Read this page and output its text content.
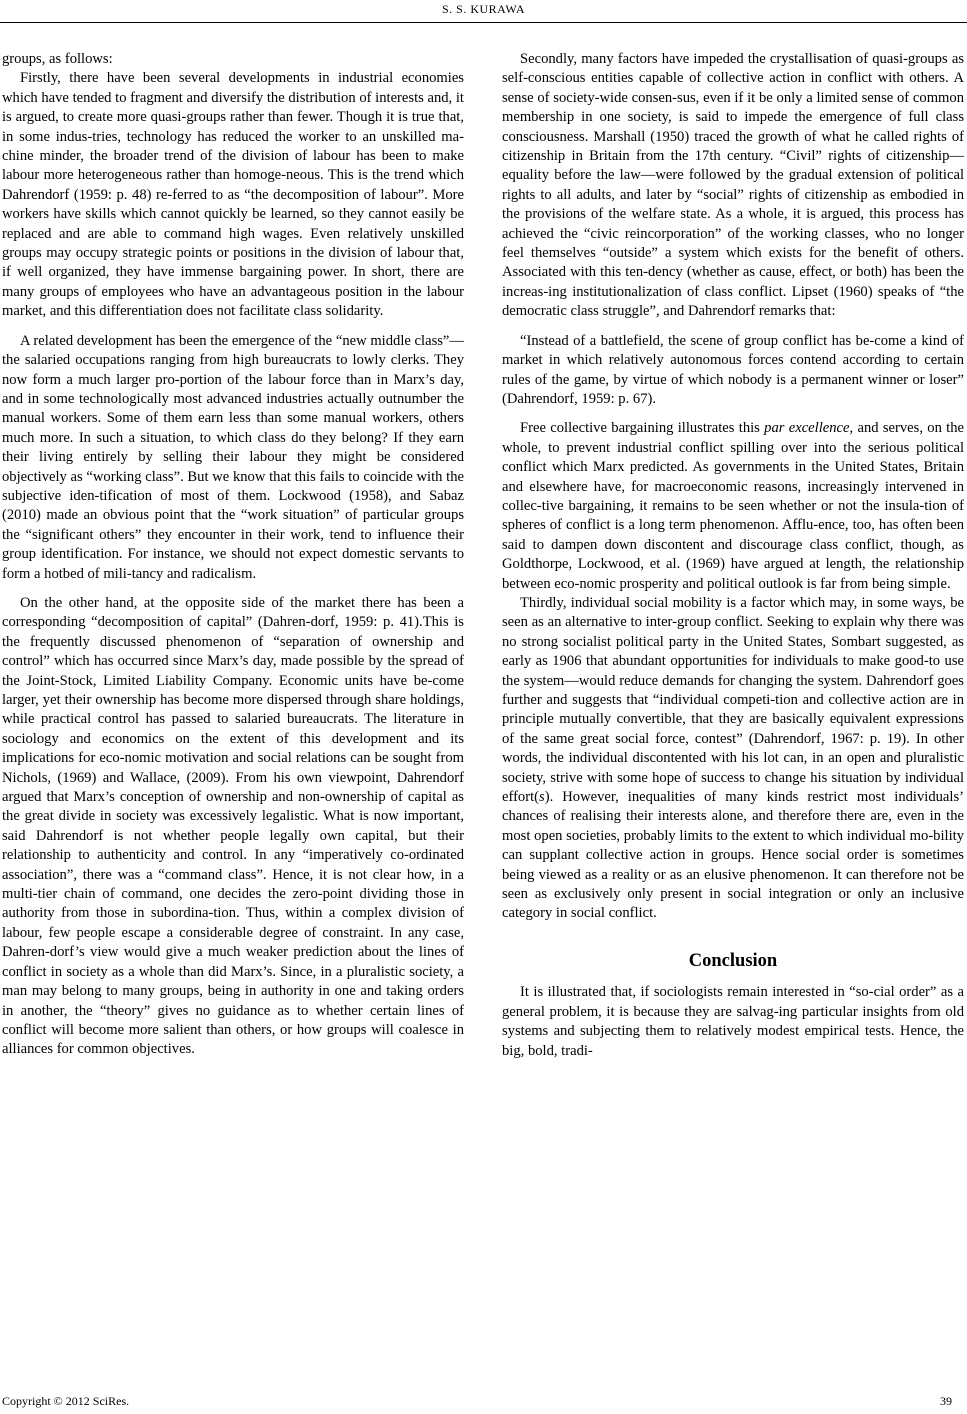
S. S. KURAWA

groups, as follows:

Firstly, there have been several developments in industrial economies which have tended to fragment and diversify the distribution of interests and, it is argued, to create more quasi-groups rather than fewer. Though it is true that, in some indus-tries, technology has reduced the worker to an unskilled ma-chine minder, the broader trend of the division of labour has been to make labour more heterogeneous rather than homoge-neous. This is the trend which Dahrendorf (1959: p. 48) re-ferred to as “the decomposition of labour”. More workers have skills which cannot quickly be learned, so they cannot easily be replaced and are able to command high wages. Even relatively unskilled groups may occupy strategic points or positions in the division of labour that, if well organized, they have immense bargaining power. In short, there are many groups of employees who have an advantageous position in the labour market, and this differentiation does not facilitate class solidarity.

A related development has been the emergence of the “new middle class”—the salaried occupations ranging from high bureaucrats to lowly clerks. They now form a much larger pro-portion of the labour force than in Marx’s day, and in some technologically most advanced industries actually outnumber the manual workers. Some of them earn less than some manual workers, others much more. In such a situation, to which class do they belong? If they earn their living entirely by selling their labour they might be considered objectively as “working class”. But we know that this fails to coincide with the subjective iden-tification of most of them. Lockwood (1958), and Sabaz (2010) made an obvious point that the “work situation” of particular groups the “significant others” they encounter in their work, tend to influence their group identification. For instance, we should not expect domestic servants to form a hotbed of mili-tancy and radicalism.

On the other hand, at the opposite side of the market there has been a corresponding “decomposition of capital” (Dahren-dorf, 1959: p. 41).This is the frequently discussed phenomenon of “separation of ownership and control” which has occurred since Marx’s day, made possible by the spread of the Joint-Stock, Limited Liability Company. Economic units have be-come larger, yet their ownership has become more dispersed through share holdings, while practical control has passed to salaried bureaucrats. The literature in sociology and economics on the extent of this development and its implications for eco-nomic motivation and social relations can be sought from Nichols, (1969) and Wallace, (2009). From his own viewpoint, Dahrendorf argued that Marx’s conception of ownership and non-ownership of capital as the great divide in society was excessively legalistic. What is now important, said Dahrendorf is not whether people legally own capital, but their relationship to authenticity and control. In any “imperatively co-ordinated association”, there was a “command class”. Hence, it is not clear how, in a multi-tier chain of command, one decides the zero-point dividing those in authority from those in subordina-tion. Thus, within a complex division of labour, few people escape a considerable degree of constraint. In any case, Dahren-dorf’s view would give a much weaker prediction about the lines of conflict in society as a whole than did Marx’s. Since, in a pluralistic society, a man may belong to many groups, being in authority in one and taking orders in another, the “theory” gives no guidance as to whether certain lines of conflict will become more salient than others, or how groups will coalesce in alliances for common objectives.

Secondly, many factors have impeded the crystallisation of quasi-groups as self-conscious entities capable of collective action in conflict with others. A sense of society-wide consen-sus, even if it be only a limited sense of common membership in one society, is said to impede the emergence of full class consciousness. Marshall (1950) traced the growth of what he called rights of citizenship in Britain from the 17th century. “Civil” rights of citizenship—equality before the law—were followed by the gradual extension of political rights to all adults, and later by “social” rights of citizenship as embodied in the provisions of the welfare state. As a whole, it is argued, this process has achieved the “civic reincorporation” of the working classes, who no longer feel themselves “outside” a system which exists for the benefit of others. Associated with this ten-dency (whether as cause, effect, or both) has been the increas-ing institutionalization of class conflict. Lipset (1960) speaks of “the democratic class struggle”, and Dahrendorf remarks that:

“Instead of a battlefield, the scene of group conflict has be-come a kind of market in which relatively autonomous forces contend according to certain rules of the game, by virtue of which nobody is a permanent winner or loser” (Dahrendorf, 1959: p. 67).

Free collective bargaining illustrates this par excellence, and serves, on the whole, to prevent industrial conflict spilling over into the serious political conflict which Marx predicted. As governments in the United States, Britain and elsewhere have, for macroeconomic reasons, increasingly intervened in collec-tive bargaining, it remains to be seen whether or not the insula-tion of spheres of conflict is a long term phenomenon. Afflu-ence, too, has often been said to dampen down discontent and discourage class conflict, though, as Goldthorpe, Lockwood, et al. (1969) have argued at length, the relationship between eco-nomic prosperity and political outlook is far from being simple.

Thirdly, individual social mobility is a factor which may, in some ways, be seen as an alternative to inter-group conflict. Seeking to explain why there was no strong socialist political party in the United States, Sombart suggested, as early as 1906 that abundant opportunities for individuals to make good-to use the system—would reduce demands for changing the system. Dahrendorf goes further and suggests that “individual competi-tion and collective action are in principle mutually convertible, that they are basically equivalent expressions of the same great social force, contest” (Dahrendorf, 1967: p. 19). In other words, the individual discontented with his lot can, in an open and pluralistic society, strive with some hope of success to change his situation by individual effort(s). However, inequalities of many kinds restrict most individuals’ chances of realising their interests alone, and therefore there are, even in the most open societies, probably limits to the extent to which individual mo-bility can supplant collective action in groups. Hence social order is sometimes being viewed as a reality or as an elusive phenomenon. It can therefore not be seen as exclusively only present in social integration or only an inclusive category in social conflict.

Conclusion

It is illustrated that, if sociologists remain interested in “so-cial order” as a general problem, it is because they are salvag-ing particular insights from old systems and subjecting them to relatively modest empirical tests. Hence, the big, bold, tradi-

Copyright © 2012 SciRes.	39
